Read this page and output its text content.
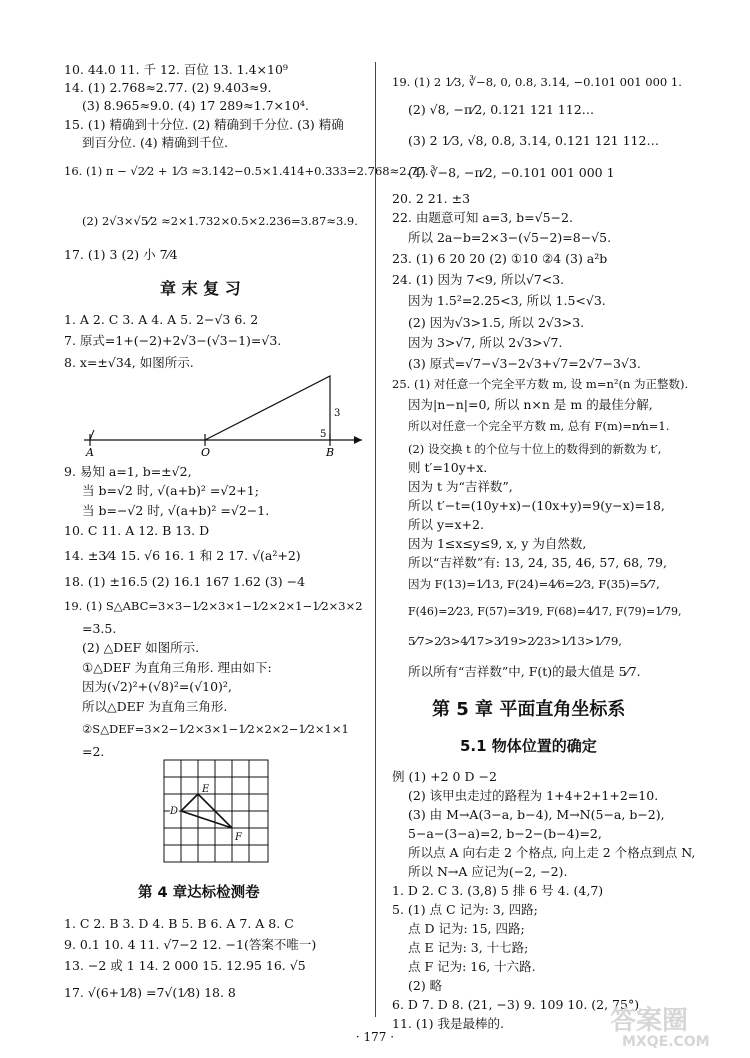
10. 44.0 11. 千 12. 百位 13. 1.4×10⁹
14. (1) 2.768≈2.77. (2) 9.403≈9.
(3) 8.965≈9.0. (4) 17 289≈1.7×10⁴.
15. (1) 精确到十分位. (2) 精确到千分位. (3) 精确
到百分位. (4) 精确到千位.
16. (1) π − √2⁄2 + 1⁄3 ≈3.142−0.5×1.414+0.333=2.768≈2.77.
(2) 2√3×√5⁄2 ≈2×1.732×0.5×2.236=3.87≈3.9.
17. (1) 3 (2) 小 7⁄4
章 末 复 习
1. A 2. C 3. A 4. A 5. 2−√3 6. 2
7. 原式=1+(−2)+2√3−(√3−1)=√3.
8. x=±√34, 如图所示.
A	O	B
3
5
9. 易知 a=1, b=±√2,
当 b=√2 时, √(a+b)² =√2+1;
当 b=−√2 时, √(a+b)² =√2−1.
10. C 11. A 12. B 13. D
14. ±3⁄4 15. √6 16. 1 和 2 17. √(a²+2)
18. (1) ±16.5 (2) 16.1 167 1.62 (3) −4
19. (1) S△ABC=3×3−1⁄2×3×1−1⁄2×2×1−1⁄2×3×2
=3.5.
(2) △DEF 如图所示.
①△DEF 为直角三角形. 理由如下:
因为(√2)²+(√8)²=(√10)²,
所以△DEF 为直角三角形.
②S△DEF=3×2−1⁄2×3×1−1⁄2×2×2−1⁄2×1×1
=2.
D
E
F
第 4 章达标检测卷
1. C 2. B 3. D 4. B 5. B 6. A 7. A 8. C
9. 0.1 10. 4 11. √7−2 12. −1(答案不唯一)
13. −2 或 1 14. 2 000 15. 12.95 16. √5
17. √(6+1⁄8) =7√(1⁄8) 18. 8
19. (1) 2 1⁄3, ∛−8, 0, 0.8, 3.14, −0.101 001 000 1.
(2) √8, −π⁄2, 0.121 121 112…
(3) 2 1⁄3, √8, 0.8, 3.14, 0.121 121 112…
(4) ∛−8, −π⁄2, −0.101 001 000 1
20. 2 21. ±3
22. 由题意可知 a=3, b=√5−2.
所以 2a−b=2×3−(√5−2)=8−√5.
23. (1) 6 20 20 (2) ①10 ②4 (3) a²b
24. (1) 因为 7<9, 所以√7<3.
因为 1.5²=2.25<3, 所以 1.5<√3.
(2) 因为√3>1.5, 所以 2√3>3.
因为 3>√7, 所以 2√3>√7.
(3) 原式=√7−√3−2√3+√7=2√7−3√3.
25. (1) 对任意一个完全平方数 m, 设 m=n²(n 为正整数).
因为|n−n|=0, 所以 n×n 是 m 的最佳分解,
所以对任意一个完全平方数 m, 总有 F(m)=n⁄n=1.
(2) 设交换 t 的个位与十位上的数得到的新数为 t′,
则 t′=10y+x.
因为 t 为“吉祥数”,
所以 t′−t=(10y+x)−(10x+y)=9(y−x)=18,
所以 y=x+2.
因为 1≤x≤y≤9, x, y 为自然数,
所以“吉祥数”有: 13, 24, 35, 46, 57, 68, 79,
因为 F(13)=1⁄13, F(24)=4⁄6=2⁄3, F(35)=5⁄7,
F(46)=2⁄23, F(57)=3⁄19, F(68)=4⁄17, F(79)=1⁄79,
5⁄7>2⁄3>4⁄17>3⁄19>2⁄23>1⁄13>1⁄79,
所以所有“吉祥数”中, F(t)的最大值是 5⁄7.
第 5 章 平面直角坐标系
5.1 物体位置的确定
例 (1) +2 0 D −2
(2) 该甲虫走过的路程为 1+4+2+1+2=10.
(3) 由 M→A(3−a, b−4), M→N(5−a, b−2),
5−a−(3−a)=2, b−2−(b−4)=2,
所以点 A 向右走 2 个格点, 向上走 2 个格点到点 N,
所以 N→A 应记为(−2, −2).
1. D 2. C 3. (3,8) 5 排 6 号 4. (4,7)
5. (1) 点 C 记为: 3, 四路;
点 D 记为: 15, 四路;
点 E 记为: 3, 十七路;
点 F 记为: 16, 十六路.
(2) 略
6. D 7. D 8. (21, −3) 9. 109 10. (2, 75°)
11. (1) 我是最棒的.
· 177 ·
答案圈
MXQE.COM
